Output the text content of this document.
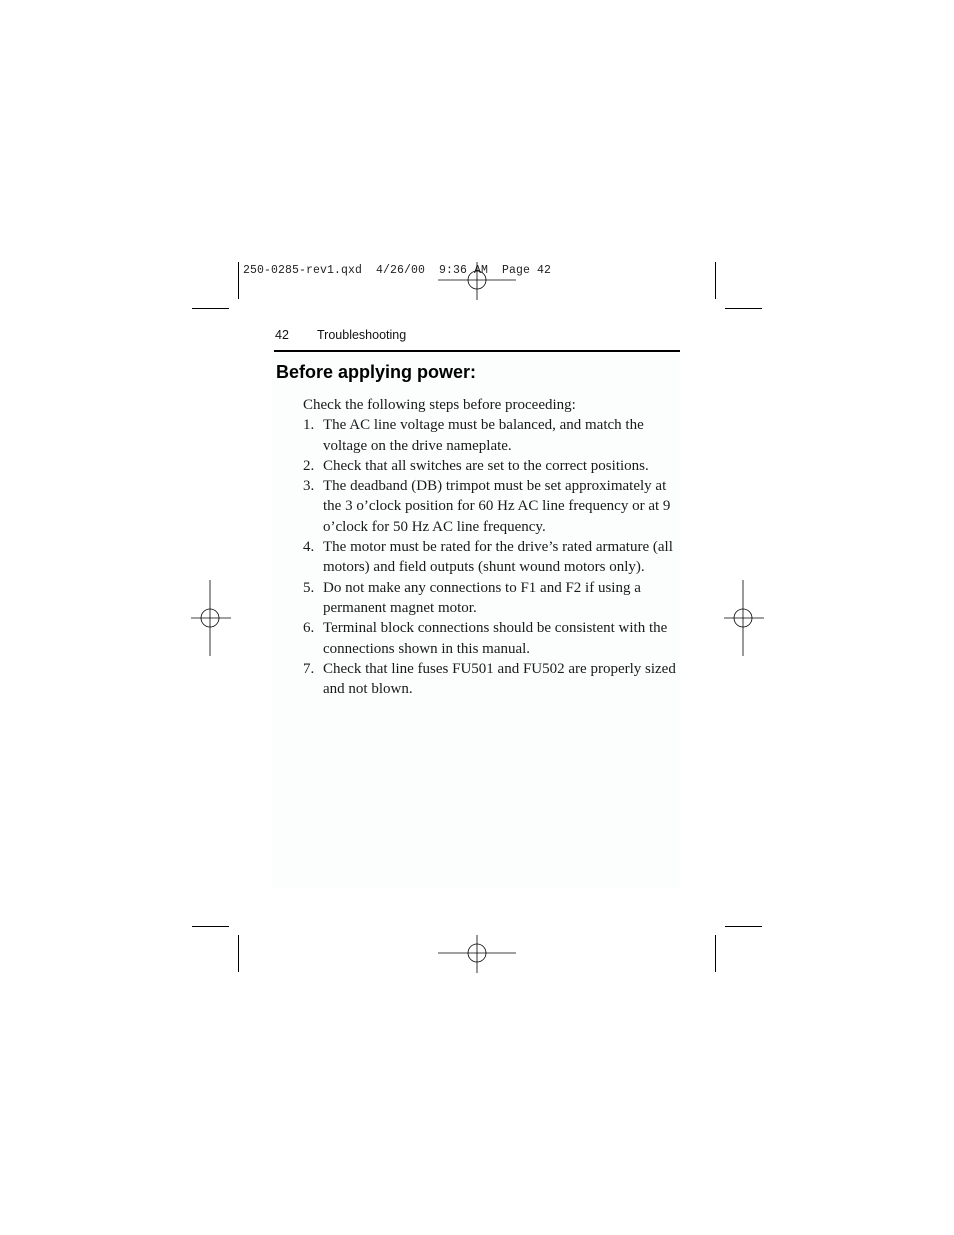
250-0285-rev1.qxd  4/26/00  9:36 AM  Page 42
42 Troubleshooting
Before applying power:

Check the following steps before proceeding:

1. The AC line voltage must be balanced, and match the voltage on the drive nameplate.
2. Check that all switches are set to the correct positions.
3. The deadband (DB) trimpot must be set approximately at the 3 o’clock position for 60 Hz AC line frequency or at 9 o’clock for 50 Hz AC line frequency.
4. The motor must be rated for the drive’s rated armature (all motors) and field outputs (shunt wound motors only).
5. Do not make any connections to F1 and F2 if using a permanent magnet motor.
6. Terminal block connections should be consistent with the connections shown in this manual.
7. Check that line fuses FU501 and FU502 are properly sized and not blown.
